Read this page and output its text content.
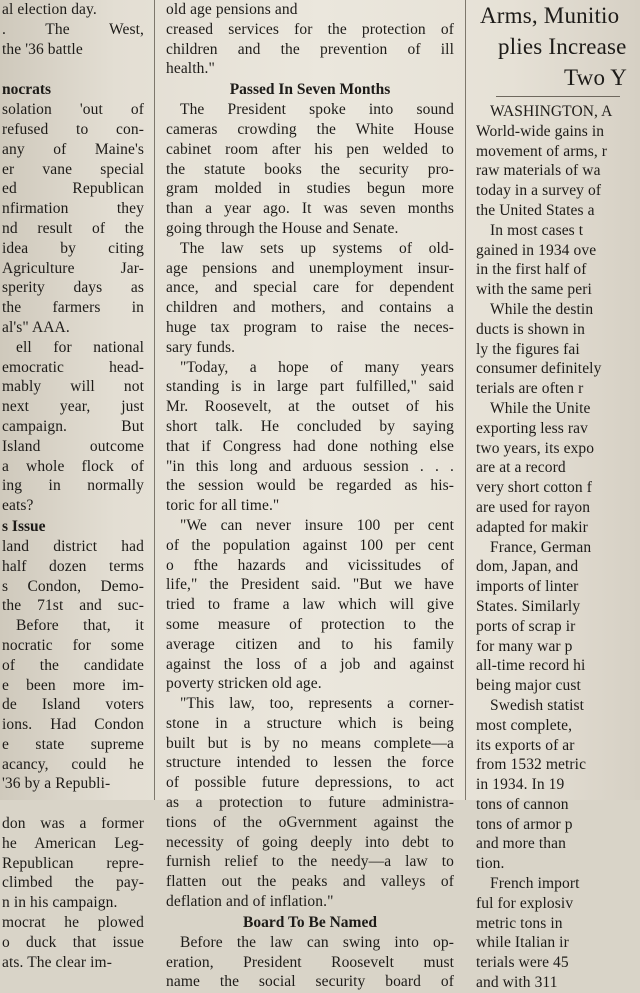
al election day.
. The West,
the '36 battle

nocrats
solation 'out of
refused to con-
any of Maine's
er vane special
ed Republican
nfirmation they
nd result of the
idea by citing
Agriculture Jar-
sperity days as
the farmers in
al's" AAA.
ell for national
emocratic head-
mably will not
next year, just
campaign. But
Island outcome
a whole flock of
ing in normally
eats?
s Issue
land district had
half dozen terms
s Condon, Demo-
the 71st and suc-
Before that, it
nocratic for some
of the candidate
e been more im-
de Island voters
ions. Had Condon
e state supreme
acancy, could he
'36 by a Republi-

don was a former
he American Leg-
Republican repre-
climbed the pay-
n in his campaign.
mocrat he plowed
o duck that issue
ats. The clear im-
old age pensions and
creased services for the protection of
children and the prevention of ill
health."
Passed In Seven Months
The President spoke into sound
cameras crowding the White House
cabinet room after his pen welded to
the statute books the security pro-
gram molded in studies begun more
than a year ago. It was seven months
going through the House and Senate.
The law sets up systems of old-
age pensions and unemployment insur-
ance, and special care for dependent
children and mothers, and contains a
huge tax program to raise the neces-
sary funds.
"Today, a hope of many years
standing is in large part fulfilled," said
Mr. Roosevelt, at the outset of his
short talk. He concluded by saying
that if Congress had done nothing else
"in this long and arduous session . . .
the session would be regarded as his-
toric for all time."
"We can never insure 100 per cent
of the population against 100 per cent
o fthe hazards and vicissitudes of
life," the President said. "But we have
tried to frame a law which will give
some measure of protection to the
average citizen and to his family
against the loss of a job and against
poverty stricken old age.
"This law, too, represents a corner-
stone in a structure which is being
built but is by no means complete—a
structure intended to lessen the force
of possible future depressions, to act
as a protection to future administra-
tions of the oGvernment against the
necessity of going deeply into debt to
furnish relief to the needy—a law to
flatten out the peaks and valleys of
deflation and of inflation."
Board To Be Named
Before the law can swing into op-
eration, President Roosevelt must
name the social security board of
Arms, Munitio
plies Increase
Two Y
WASHINGTON, A
World-wide gains in
movement of arms, r
raw materials of wa
today in a survey of
the United States a
In most cases t
gained in 1934 ove
in the first half of
with the same peri
While the destin
ducts is shown in
ly the figures fai
consumer definitely
terials are often r
While the Unite
exporting less rav
two years, its expo
are at a record
very short cotton f
are used for rayon
adapted for makir
France, German
dom, Japan, and
imports of linter
States. Similarly
ports of scrap ir
for many war p
all-time record hi
being major cust
Swedish statist
most complete,
its exports of ar
from 1532 metric
in 1934. In 19
tons of cannon
tons of armor p
and more than
tion.
French import
ful for explosiv
metric tons in
while Italian ir
terials were 45
and with 311
